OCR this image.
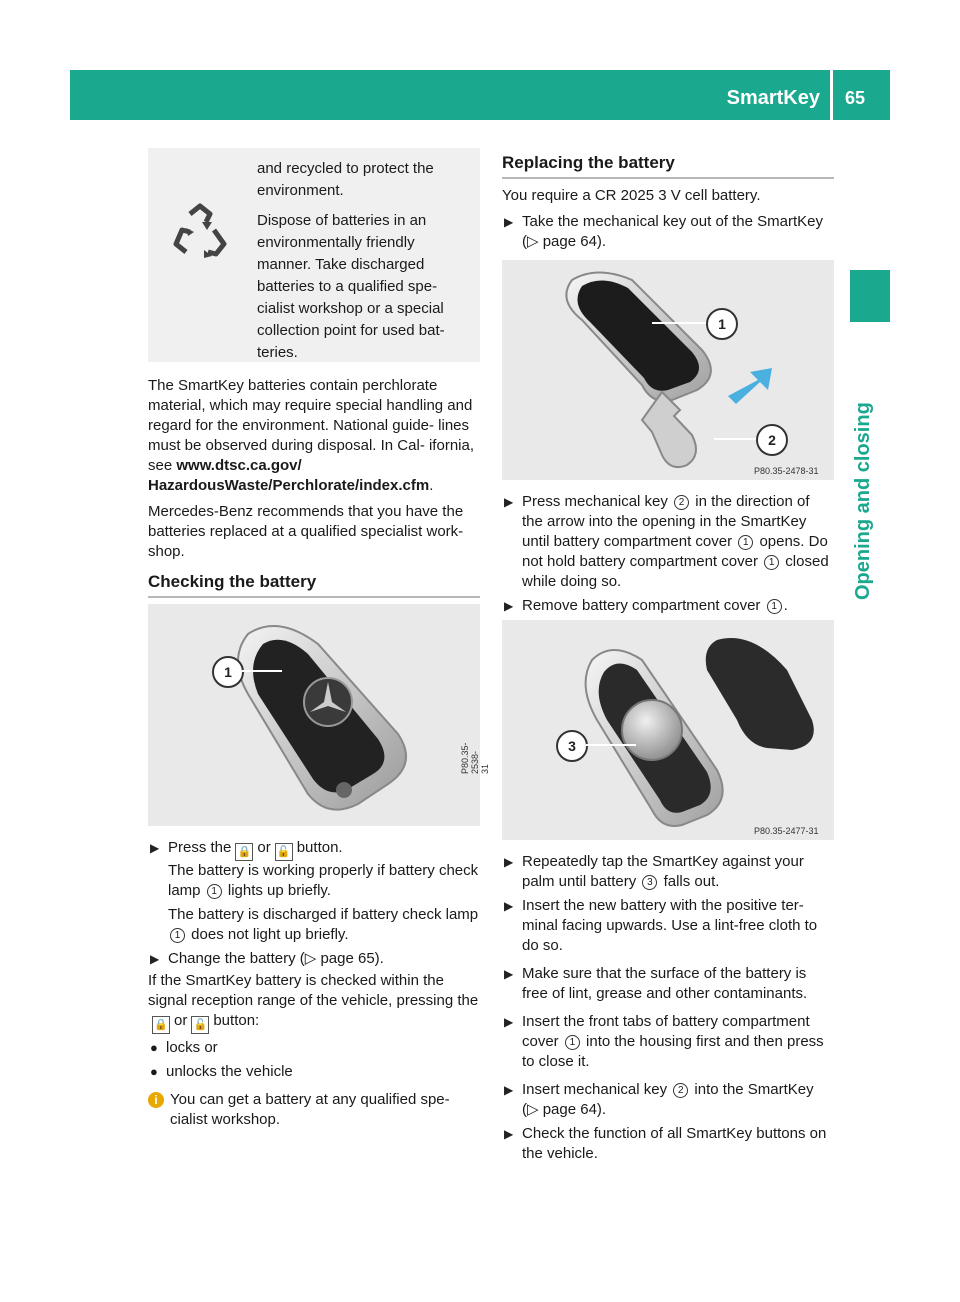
SmartKey 65
Opening and closing

and recycled to protect the environment.

Dispose of batteries in an environmentally friendly manner. Take discharged batteries to a qualified spe- cialist workshop or a special collection point for used bat- teries.

The SmartKey batteries contain perchlorate material, which may require special handling and regard for the environment. National guide- lines must be observed during disposal. In Cal- ifornia, see www.dtsc.ca.gov/ HazardousWaste/Perchlorate/index.cfm.

Mercedes-Benz recommends that you have the batteries replaced at a qualified specialist work- shop.

Checking the battery
1
P80.35-2538-31
▶ Press the 🔒 or 🔓 button.
The battery is working properly if battery check lamp 1 lights up briefly.
The battery is discharged if battery check lamp 1 does not light up briefly.
▶ Change the battery (▷ page 65).

If the SmartKey battery is checked within the signal reception range of the vehicle, pressing the🔒 or 🔓 button:

● locks or
● unlocks the vehicle
i You can get a battery at any qualified spe- cialist workshop.
Replacing the battery

You require a CR 2025 3 V cell battery.

▶ Take the mechanical key out of the SmartKey (▷ page 64).
1
2
P80.35-2478-31
▶ Press mechanical key 2 in the direction of the arrow into the opening in the SmartKey until battery compartment cover 1 opens. Do not hold battery compartment cover 1 closed while doing so.
▶ Remove battery compartment cover 1 .
3
P80.35-2477-31
▶ Repeatedly tap the SmartKey against your palm until battery 3 falls out.
▶ Insert the new battery with the positive ter- minal facing upwards. Use a lint-free cloth to do so.
▶ Make sure that the surface of the battery is free of lint, grease and other contaminants.
▶ Insert the front tabs of battery compartment cover 1 into the housing first and then press to close it.
▶ Insert mechanical key 2 into the SmartKey (▷ page 64).
▶ Check the function of all SmartKey buttons on the vehicle.
